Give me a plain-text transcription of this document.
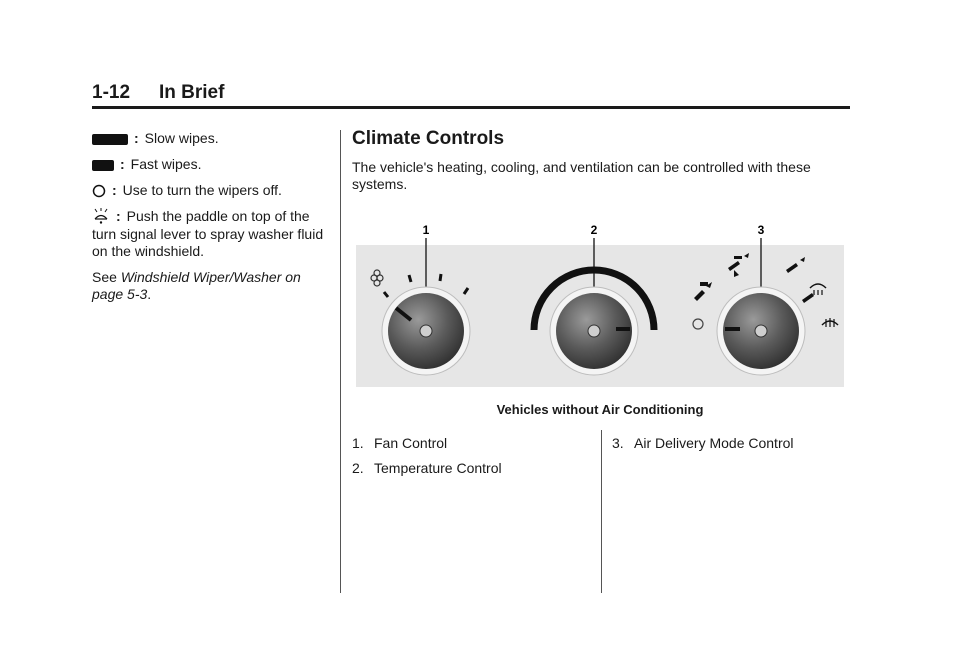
1-12 In Brief

: Slow wipes.

: Fast wipes.

: Use to turn the wipers off.

: Push the paddle on top of the turn signal lever to spray washer fluid on the windshield.

See Windshield Wiper/Washer on page 5-3.

Climate Controls
The vehicle's heating, cooling, and ventilation can be controlled with these systems.
1	2	3
Vehicles without Air Conditioning
1. Fan Control
2. Temperature Control
3. Air Delivery Mode Control
